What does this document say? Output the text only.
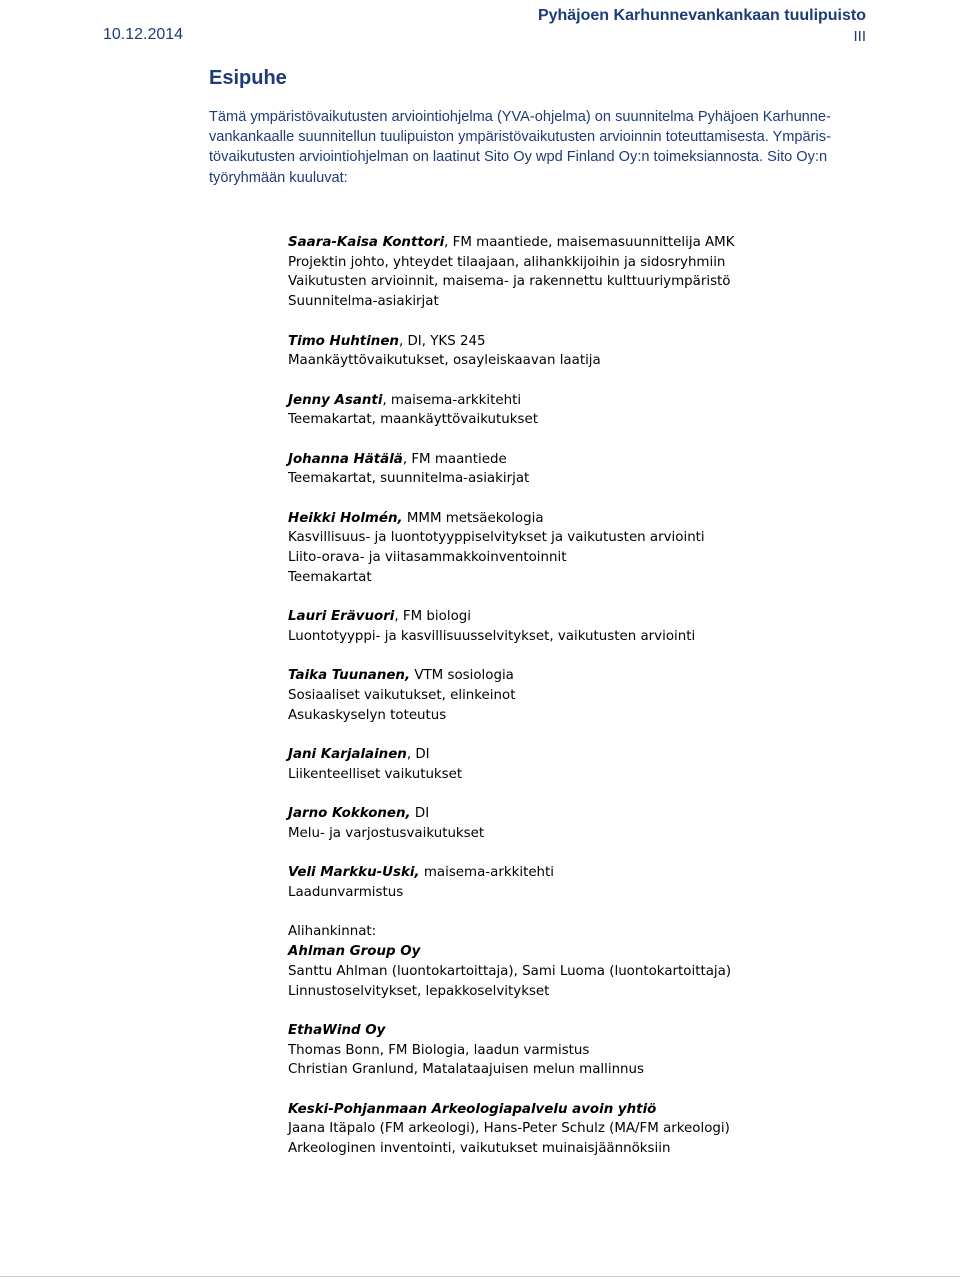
Pyhäjoen Karhunnevankankaan tuulipuisto
10.12.2014	III
Esipuhe

Tämä ympäristövaikutusten arviointiohjelma (YVA-ohjelma) on suunnitelma Pyhäjoen Karhunne-
vankankaalle suunnitellun tuulipuiston ympäristövaikutusten arvioinnin toteuttamisesta. Ympäris-
tövaikutusten arviointiohjelman on laatinut Sito Oy wpd Finland Oy:n toimeksiannosta. Sito Oy:n
työryhmään kuuluvat:

Saara-Kaisa Konttori, FM maantiede, maisemasuunnittelija AMK
Projektin johto, yhteydet tilaajaan, alihankkijoihin ja sidosryhmiin
Vaikutusten arvioinnit, maisema- ja rakennettu kulttuuriympäristö
Suunnitelma-asiakirjat
Timo Huhtinen, DI, YKS 245
Maankäyttövaikutukset, osayleiskaavan laatija
Jenny Asanti, maisema-arkkitehti
Teemakartat, maankäyttövaikutukset
Johanna Hätälä, FM maantiede
Teemakartat, suunnitelma-asiakirjat
Heikki Holmén, MMM metsäekologia
Kasvillisuus- ja luontotyyppiselvitykset ja vaikutusten arviointi
Liito-orava- ja viitasammakkoinventoinnit
Teemakartat
Lauri Erävuori, FM biologi
Luontotyyppi- ja kasvillisuusselvitykset, vaikutusten arviointi
Taika Tuunanen, VTM sosiologia
Sosiaaliset vaikutukset, elinkeinot
Asukaskyselyn toteutus
Jani Karjalainen, DI
Liikenteelliset vaikutukset
Jarno Kokkonen, DI
Melu- ja varjostusvaikutukset
Veli Markku-Uski, maisema-arkkitehti
Laadunvarmistus
Alihankinnat:
Ahlman Group Oy
Santtu Ahlman (luontokartoittaja), Sami Luoma (luontokartoittaja)
Linnustoselvitykset, lepakkoselvitykset
EthaWind Oy
Thomas Bonn, FM Biologia, laadun varmistus
Christian Granlund, Matalataajuisen melun mallinnus
Keski-Pohjanmaan Arkeologiapalvelu avoin yhtiö
Jaana Itäpalo (FM arkeologi), Hans-Peter Schulz (MA/FM arkeologi)
Arkeologinen inventointi, vaikutukset muinaisjäännöksiin
